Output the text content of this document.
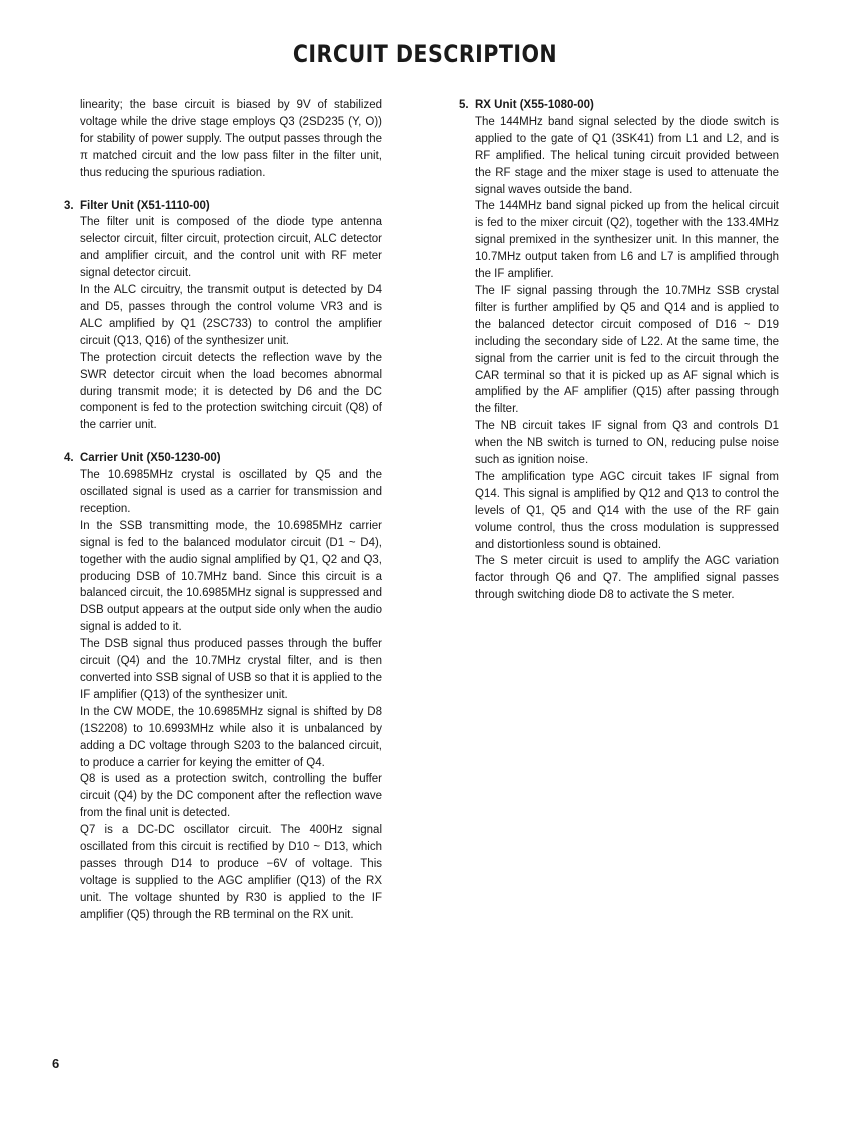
CIRCUIT DESCRIPTION

linearity; the base circuit is biased by 9V of stabilized voltage while the drive stage employs Q3 (2SD235 (Y, O)) for stability of power supply. The output passes through the π matched circuit and the low pass filter in the filter unit, thus reducing the spurious radiation.

3. Filter Unit (X51-1110-00)

The filter unit is composed of the diode type antenna selector circuit, filter circuit, protection circuit, ALC detector and amplifier circuit, and the control unit with RF meter signal detector circuit.

In the ALC circuitry, the transmit output is detected by D4 and D5, passes through the control volume VR3 and is ALC amplified by Q1 (2SC733) to control the amplifier circuit (Q13, Q16) of the synthesizer unit.

The protection circuit detects the reflection wave by the SWR detector circuit when the load becomes abnormal during transmit mode; it is detected by D6 and the DC component is fed to the protection switching circuit (Q8) of the carrier unit.

4. Carrier Unit (X50-1230-00)

The 10.6985MHz crystal is oscillated by Q5 and the oscillated signal is used as a carrier for transmission and reception.

In the SSB transmitting mode, the 10.6985MHz carrier signal is fed to the balanced modulator circuit (D1 ~ D4), together with the audio signal amplified by Q1, Q2 and Q3, producing DSB of 10.7MHz band. Since this circuit is a balanced circuit, the 10.6985MHz signal is suppressed and DSB output appears at the output side only when the audio signal is added to it.

The DSB signal thus produced passes through the buffer circuit (Q4) and the 10.7MHz crystal filter, and is then converted into SSB signal of USB so that it is applied to the IF amplifier (Q13) of the synthesizer unit.

In the CW MODE, the 10.6985MHz signal is shifted by D8 (1S2208) to 10.6993MHz while also it is unbalanced by adding a DC voltage through S203 to the balanced circuit, to produce a carrier for keying the emitter of Q4.

Q8 is used as a protection switch, controlling the buffer circuit (Q4) by the DC component after the reflection wave from the final unit is detected.

Q7 is a DC-DC oscillator circuit. The 400Hz signal oscillated from this circuit is rectified by D10 ~ D13, which passes through D14 to produce −6V of voltage. This voltage is supplied to the AGC amplifier (Q13) of the RX unit. The voltage shunted by R30 is applied to the IF amplifier (Q5) through the RB terminal on the RX unit.

5. RX Unit (X55-1080-00)

The 144MHz band signal selected by the diode switch is applied to the gate of Q1 (3SK41) from L1 and L2, and is RF amplified. The helical tuning circuit provided between the RF stage and the mixer stage is used to attenuate the signal waves outside the band.

The 144MHz band signal picked up from the helical circuit is fed to the mixer circuit (Q2), together with the 133.4MHz signal premixed in the synthesizer unit. In this manner, the 10.7MHz output taken from L6 and L7 is amplified through the IF amplifier.

The IF signal passing through the 10.7MHz SSB crystal filter is further amplified by Q5 and Q14 and is applied to the balanced detector circuit composed of D16 ~ D19 including the secondary side of L22. At the same time, the signal from the carrier unit is fed to the circuit through the CAR terminal so that it is picked up as AF signal which is amplified by the AF amplifier (Q15) after passing through the filter.

The NB circuit takes IF signal from Q3 and controls D1 when the NB switch is turned to ON, reducing pulse noise such as ignition noise.

The amplification type AGC circuit takes IF signal from Q14. This signal is amplified by Q12 and Q13 to control the levels of Q1, Q5 and Q14 with the use of the RF gain volume control, thus the cross modulation is suppressed and distortionless sound is obtained.

The S meter circuit is used to amplify the AGC variation factor through Q6 and Q7. The amplified signal passes through switching diode D8 to activate the S meter.

6
